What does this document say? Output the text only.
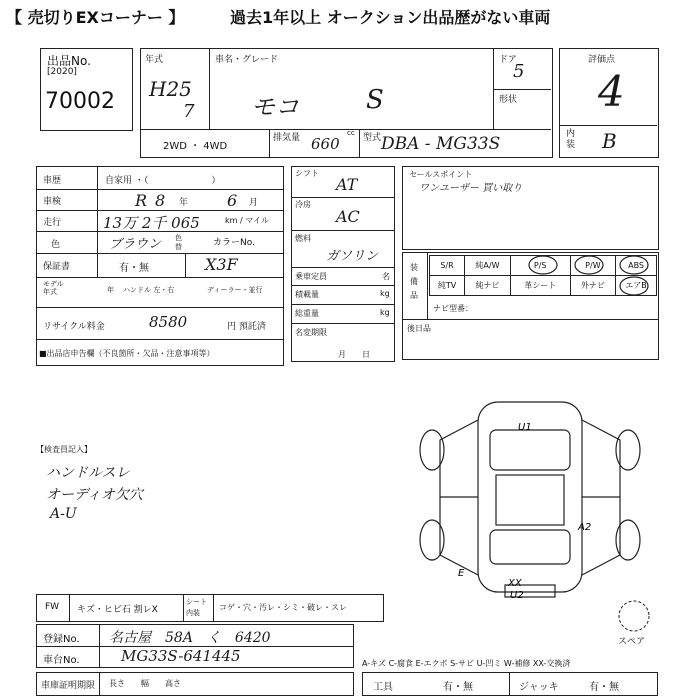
【 売切りEXコーナー 】	過去1年以上 オークション出品歴がない車両
出品No.
[2020]
70002
年式
H25
7
車名・グレード
モコ	S
ドア
5
形状
2WD ・ 4WD
排気量 660
cc 型式 DBA - MG33S
評価点
4
内装 B
車歴	自家用 ・（　　　　　　　）
車検	R 8 年 6 月
走行	13万 2千 065	km / マイル
色	ブラウン 色替	カラーNo.
保証書	有・無	X3F
モデル年式	年 ハンドル 左・右	ディーラー・並行
リサイクル料金	8580	円 預託済
■出品店申告欄（不良箇所・欠品・注意事項等）
シフト
AT
冷房
AC
燃料
ガソリン
乗車定員	名
積載量	kg
総重量	kg
名変期限
月　　日
セールスポイント
ワンユーザー 買い取り
装備品
S/R	純A/W	P/S	P/W	ABS
純TV	純ナビ	革シート	外ナビ	エアB
ナビ型番：
後日品
【検査員記入】
ハンドルスレ
オーディオ欠穴
A-U
U1
A2
E
XX
U2
スペア
FW キズ・ヒビ石 割レX
シート内装
コゲ・穴・汚レ・シミ・破レ・スレ
登録No. 名古屋　58A　く　6420
車台No.	MG33S-641445	A-キズ C-腐食 E-エクボ S-サビ U-凹ミ W-補修 XX-交換済
車庫証明期限 長さ　　幅　　高さ	工具	有・無	ジャッキ	有・無
